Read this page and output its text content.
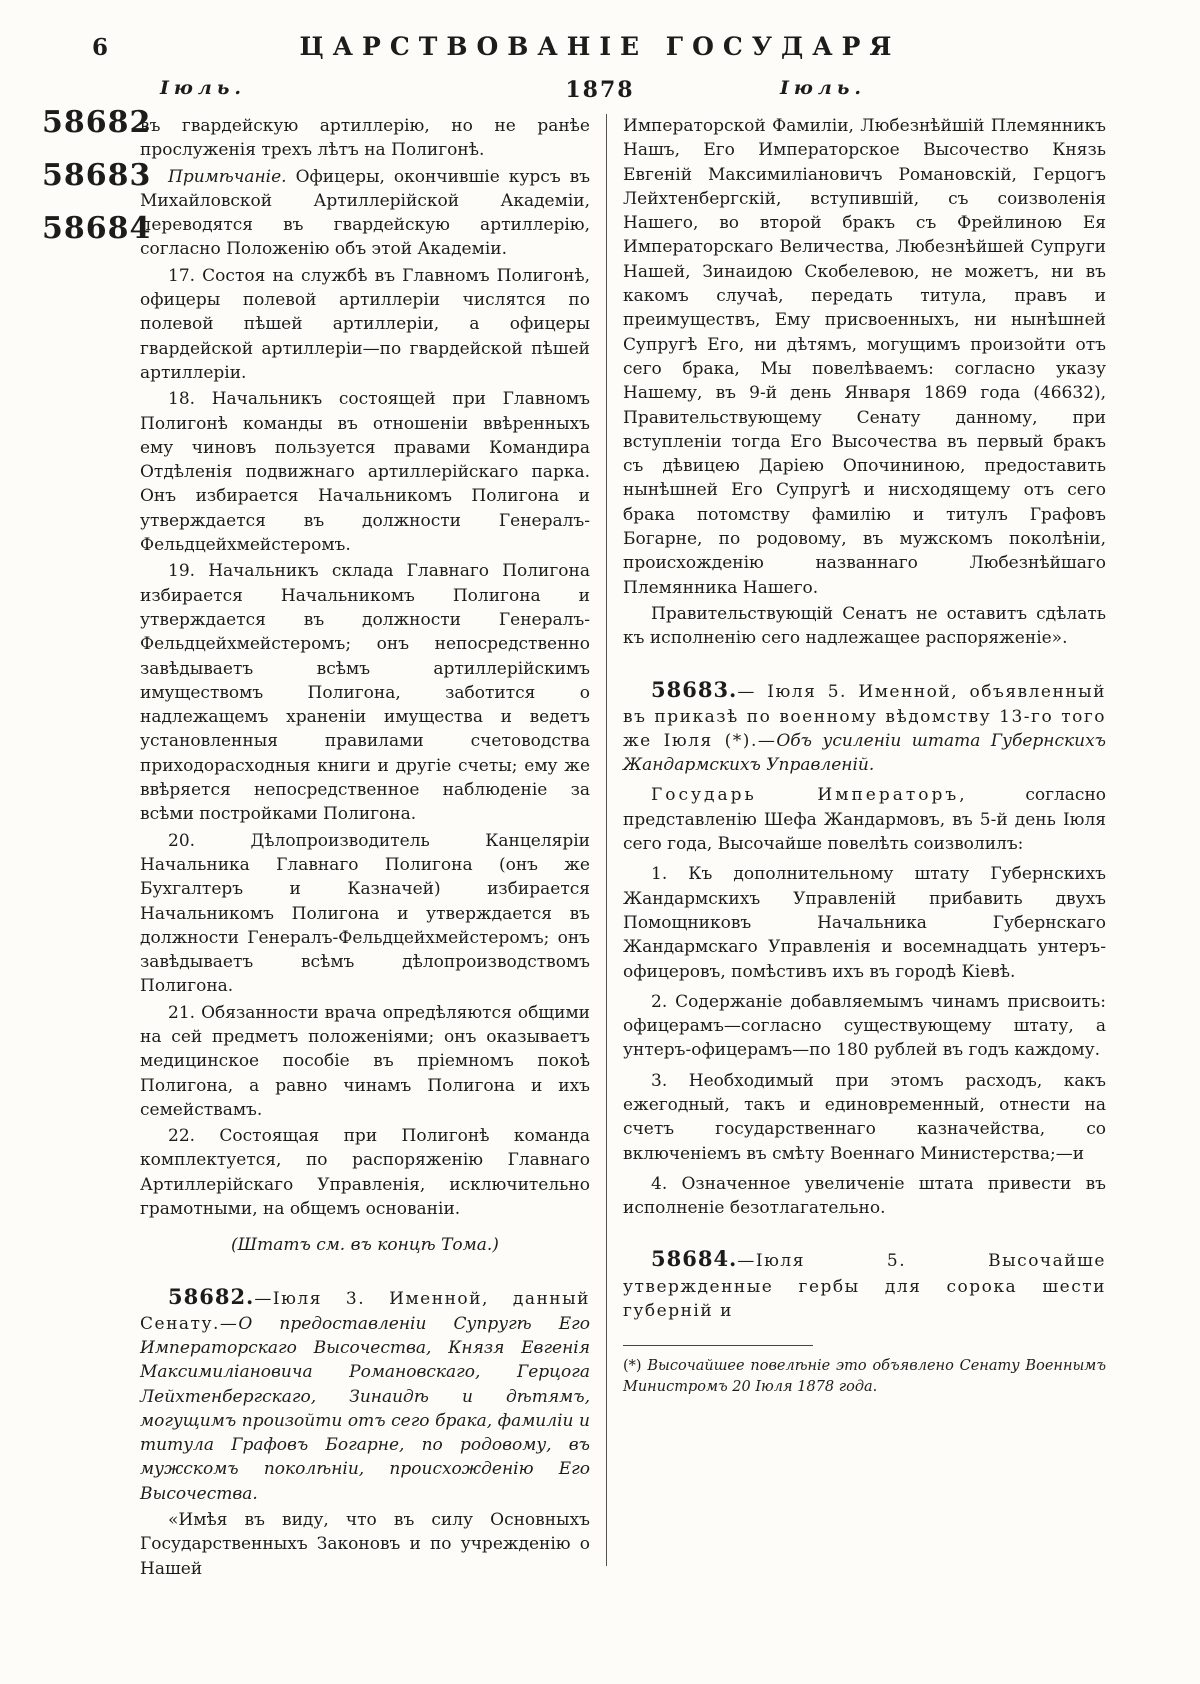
6	ЦАРСТВОВАНІЕ ГОСУДАРЯ
Іюль.	1878	Іюль.
58682
58683
58684

въ гвардейскую артиллерію, но не ранѣе прослуженія трехъ лѣтъ на Полигонѣ.

Примѣчаніе. Офицеры, окончившіе курсъ въ Михайловской Артиллерійской Академіи, переводятся въ гвардейскую артиллерію, согласно Положенію объ этой Академіи.

17. Состоя на службѣ въ Главномъ Полигонѣ, офицеры полевой артиллеріи числятся по полевой пѣшей артиллеріи, а офицеры гвардейской артиллеріи—по гвардейской пѣшей артиллеріи.

18. Начальникъ состоящей при Главномъ Полигонѣ команды въ отношеніи ввѣренныхъ ему чиновъ пользуется правами Командира Отдѣленія подвижнаго артиллерійскаго парка. Онъ избирается Начальникомъ Полигона и утверждается въ должности Генералъ-Фельдцейхмейстеромъ.

19. Начальникъ склада Главнаго Полигона избирается Начальникомъ Полигона и утверждается въ должности Генералъ-Фельдцейхмейстеромъ; онъ непосредственно завѣдываетъ всѣмъ артиллерійскимъ имуществомъ Полигона, заботится о надлежащемъ храненіи имущества и ведетъ установленныя правилами счетоводства приходорасходныя книги и другіе счеты; ему же ввѣряется непосредственное наблюденіе за всѣми постройками Полигона.

20. Дѣлопроизводитель Канцеляріи Начальника Главнаго Полигона (онъ же Бухгалтеръ и Казначей) избирается Начальникомъ Полигона и утверждается въ должности Генералъ-Фельдцейхмейстеромъ; онъ завѣдываетъ всѣмъ дѣлопроизводствомъ Полигона.

21. Обязанности врача опредѣляются общими на сей предметъ положеніями; онъ оказываетъ медицинское пособіе въ пріемномъ покоѣ Полигона, а равно чинамъ Полигона и ихъ семействамъ.

22. Состоящая при Полигонѣ команда комплектуется, по распоряженію Главнаго Артиллерійскаго Управленія, исключительно грамотными, на общемъ основаніи.

(Штатъ см. въ концѣ Тома.)

58682.—Іюля 3. Именной, данный Сенату.—О предоставленіи Супругѣ Его Императорскаго Высочества, Князя Евгенія Максимиліановича Романовскаго, Герцога Лейхтенбергскаго, Зинаидѣ и дѣтямъ, могущимъ произойти отъ сего брака, фамиліи и титула Графовъ Богарне, по родовому, въ мужскомъ поколѣніи, происхожденію Его Высочества.

«Имѣя въ виду, что въ силу Основныхъ Государственныхъ Законовъ и по учрежденію о Нашей

Императорской Фамиліи, Любезнѣйшій Племянникъ Нашъ, Его Императорское Высочество Князь Евгеній Максимиліановичъ Романовскій, Герцогъ Лейхтенбергскій, вступившій, съ соизволенія Нашего, во второй бракъ съ Фрейлиною Ея Императорскаго Величества, Любезнѣйшей Супруги Нашей, Зинаидою Скобелевою, не можетъ, ни въ какомъ случаѣ, передать титула, правъ и преимуществъ, Ему присвоенныхъ, ни нынѣшней Супругѣ Его, ни дѣтямъ, могущимъ произойти отъ сего брака, Мы повелѣваемъ: согласно указу Нашему, въ 9-й день Января 1869 года (46632), Правительствующему Сенату данному, при вступленіи тогда Его Высочества въ первый бракъ съ дѣвицею Даріею Опочининою, предоставить нынѣшней Его Супругѣ и нисходящему отъ сего брака потомству фамилію и титулъ Графовъ Богарне, по родовому, въ мужскомъ поколѣніи, происхожденію названнаго Любезнѣйшаго Племянника Нашего.

Правительствующій Сенатъ не оставитъ сдѣлать къ исполненію сего надлежащее распоряженіе».

58683.— Іюля 5. Именной, объявленный въ приказѣ по военному вѣдомству 13-го того же Іюля (*).—Объ усиленіи штата Губернскихъ Жандармскихъ Управленій.

Государь Императоръ,	согласно представленію Шефа Жандармовъ, въ 5-й день Іюля сего года, Высочайше повелѣть соизволилъ:

1. Къ дополнительному штату Губернскихъ Жандармскихъ Управленій прибавить двухъ Помощниковъ Начальника Губернскаго Жандармскаго Управленія и восемнадцать унтеръ-офицеровъ, помѣстивъ ихъ въ городѣ Кіевѣ.

2. Содержаніе добавляемымъ чинамъ присвоить: офицерамъ—согласно существующему штату, а унтеръ-офицерамъ—по 180 рублей въ годъ каждому.

3. Необходимый при этомъ расходъ, какъ ежегодный, такъ и единовременный, отнести на счетъ государственнаго казначейства, со включеніемъ въ смѣту Военнаго Министерства;—и

4. Означенное увеличеніе штата привести въ исполненіе безотлагательно.

58684.—Іюля 5. Высочайше утвержденные гербы для сорока шести губерній и

(*) Высочайшее повелѣніе это объявлено Сенату Военнымъ Министромъ 20 Іюля 1878 года.
